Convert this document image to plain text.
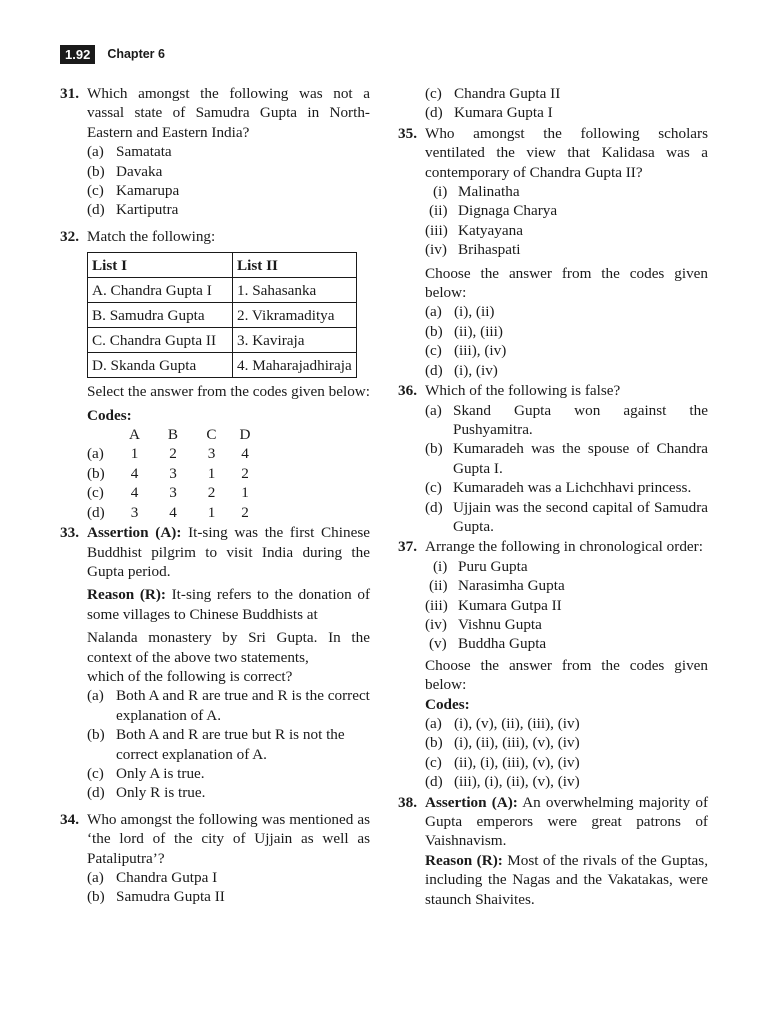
1.92	Chapter 6
31. Which amongst the following was not a vassal state of Samudra Gupta in North-Eastern and Eastern India?
(a) Samatata
(b) Davaka
(c) Kamarupa
(d) Kartiputra
32. Match the following:
List I	List II
A. Chandra Gupta I	1. Sahasanka
B. Samudra Gupta	2. Vikramaditya
C. Chandra Gupta II	3. Kaviraja
D. Skanda Gupta	4. Maharajadhiraja
Select the answer from the codes given below:
Codes:
A	B	C	D
(a)	1	2	3	4
(b)	4	3	1	2
(c)	4	3	2	1
(d)	3	4	1	2
33. Assertion (A): It-sing was the first Chinese Buddhist pilgrim to visit India during the Gupta period.
Reason (R): It-sing refers to the donation of some villages to Chinese Buddhists at
Nalanda monastery by Sri Gupta. In the context of the above two statements,
which of the following is correct?
(a) Both A and R are true and R is the correct explanation of A.
(b) Both A and R are true but R is not the correct explanation of A.
(c) Only A is true.
(d) Only R is true.
34. Who amongst the following was mentioned as ‘the lord of the city of Ujjain as well as Pataliputra’?
(a) Chandra Gutpa I
(b) Samudra Gupta II
(c) Chandra Gupta II
(d) Kumara Gupta I
35. Who amongst the following scholars ventilated the view that Kalidasa was a contemporary of Chandra Gupta II?
(i) Malinatha
(ii) Dignaga Charya
(iii) Katyayana
(iv) Brihaspati
Choose the answer from the codes given below:
(a) (i), (ii)
(b) (ii), (iii)
(c) (iii), (iv)
(d) (i), (iv)
36. Which of the following is false?
(a) Skand Gupta won against the Pushyamitra.
(b) Kumaradeh was the spouse of Chandra Gupta I.
(c) Kumaradeh was a Lichchhavi princess.
(d) Ujjain was the second capital of Samudra Gupta.
37. Arrange the following in chronological order:
(i) Puru Gupta
(ii) Narasimha Gupta
(iii) Kumara Gutpa II
(iv) Vishnu Gupta
(v) Buddha Gupta
Choose the answer from the codes given below:
Codes:
(a) (i), (v), (ii), (iii), (iv)
(b) (i), (ii), (iii), (v), (iv)
(c) (ii), (i), (iii), (v), (iv)
(d) (iii), (i), (ii), (v), (iv)
38. Assertion (A): An overwhelming majority of Gupta emperors were great patrons of Vaishnavism.
Reason (R): Most of the rivals of the Guptas, including the Nagas and the Vakatakas, were staunch Shaivites.
